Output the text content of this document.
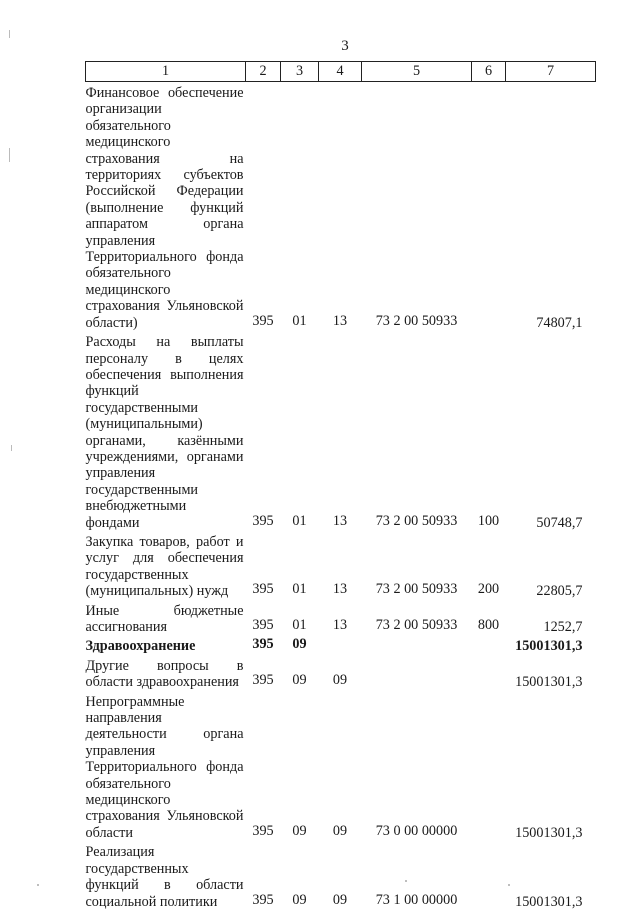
3
1	2	3	4	5	6	7
Финансовое обеспечение организации обязательного медицинского страхования на территориях субъектов Российской Федерации (выполнение функций аппаратом органа управления Территориального фонда обязательного медицинского страхования Ульяновской области)	395	01	13	73 2 00 50933		74807,1
Расходы на выплаты персоналу в целях обеспечения выполнения функций государственными (муниципальными) органами, казёнными учреждениями, органами управления государственными внебюджетными фондами	395	01	13	73 2 00 50933	100	50748,7
Закупка товаров, работ и услуг для обеспечения государственных (муниципальных) нужд	395	01	13	73 2 00 50933	200	22805,7
Иные бюджетные ассигнования	395	01	13	73 2 00 50933	800	1252,7
Здравоохранение	395	09				15001301,3
Другие вопросы в области здравоохранения	395	09	09			15001301,3
Непрограммные направления деятельности органа управления Территориального фонда обязательного медицинского страхования Ульяновской области	395	09	09	73 0 00 00000		15001301,3
Реализация государственных функций в области социальной политики	395	09	09	73 1 00 00000		15001301,3
